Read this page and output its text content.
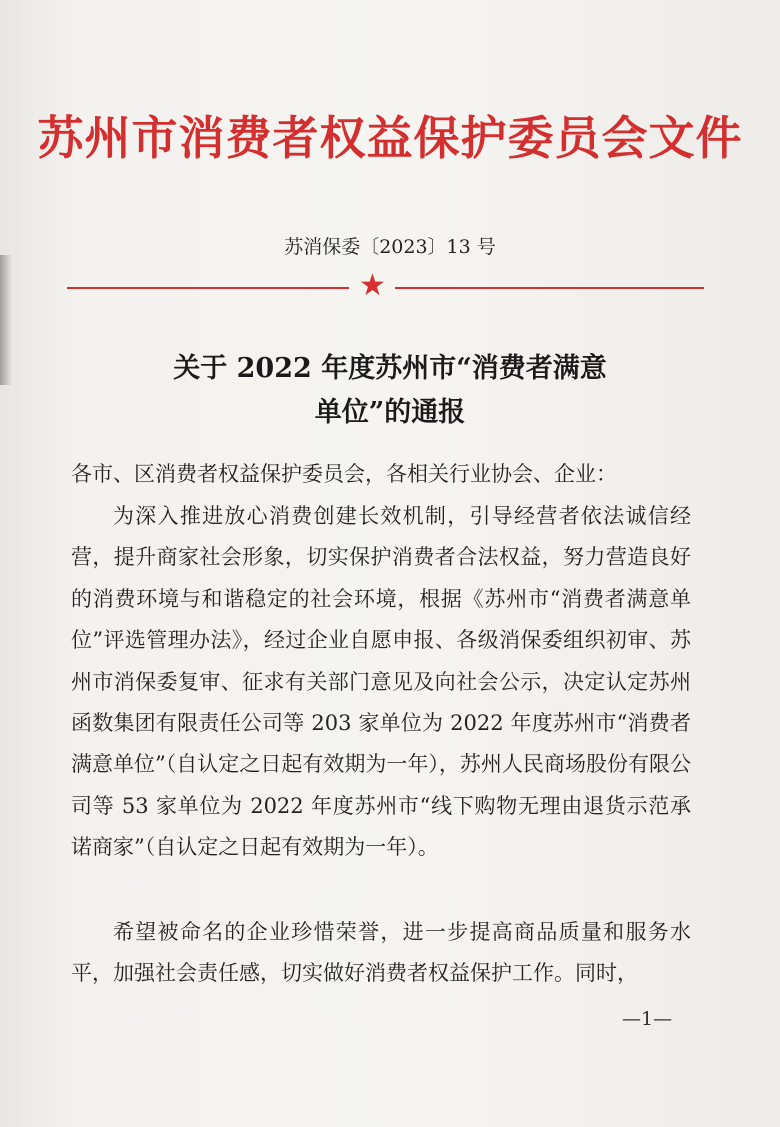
苏州市消费者权益保护委员会文件
苏消保委〔2023〕13 号
★
关于 2022 年度苏州市“消费者满意
单位”的通报
各市、区消费者权益保护委员会，各相关行业协会、企业：
为深入推进放心消费创建长效机制，引导经营者依法诚信经营，提升商家社会形象，切实保护消费者合法权益，努力营造良好的消费环境与和谐稳定的社会环境，根据《苏州市“消费者满意单位”评选管理办法》，经过企业自愿申报、各级消保委组织初审、苏州市消保委复审、征求有关部门意见及向社会公示，决定认定苏州函数集团有限责任公司等 203 家单位为 2022 年度苏州市“消费者满意单位”（自认定之日起有效期为一年），苏州人民商场股份有限公司等 53 家单位为 2022 年度苏州市“线下购物无理由退货示范承诺商家”（自认定之日起有效期为一年）。
希望被命名的企业珍惜荣誉，进一步提高商品质量和服务水平，加强社会责任感，切实做好消费者权益保护工作。同时，
—1—
